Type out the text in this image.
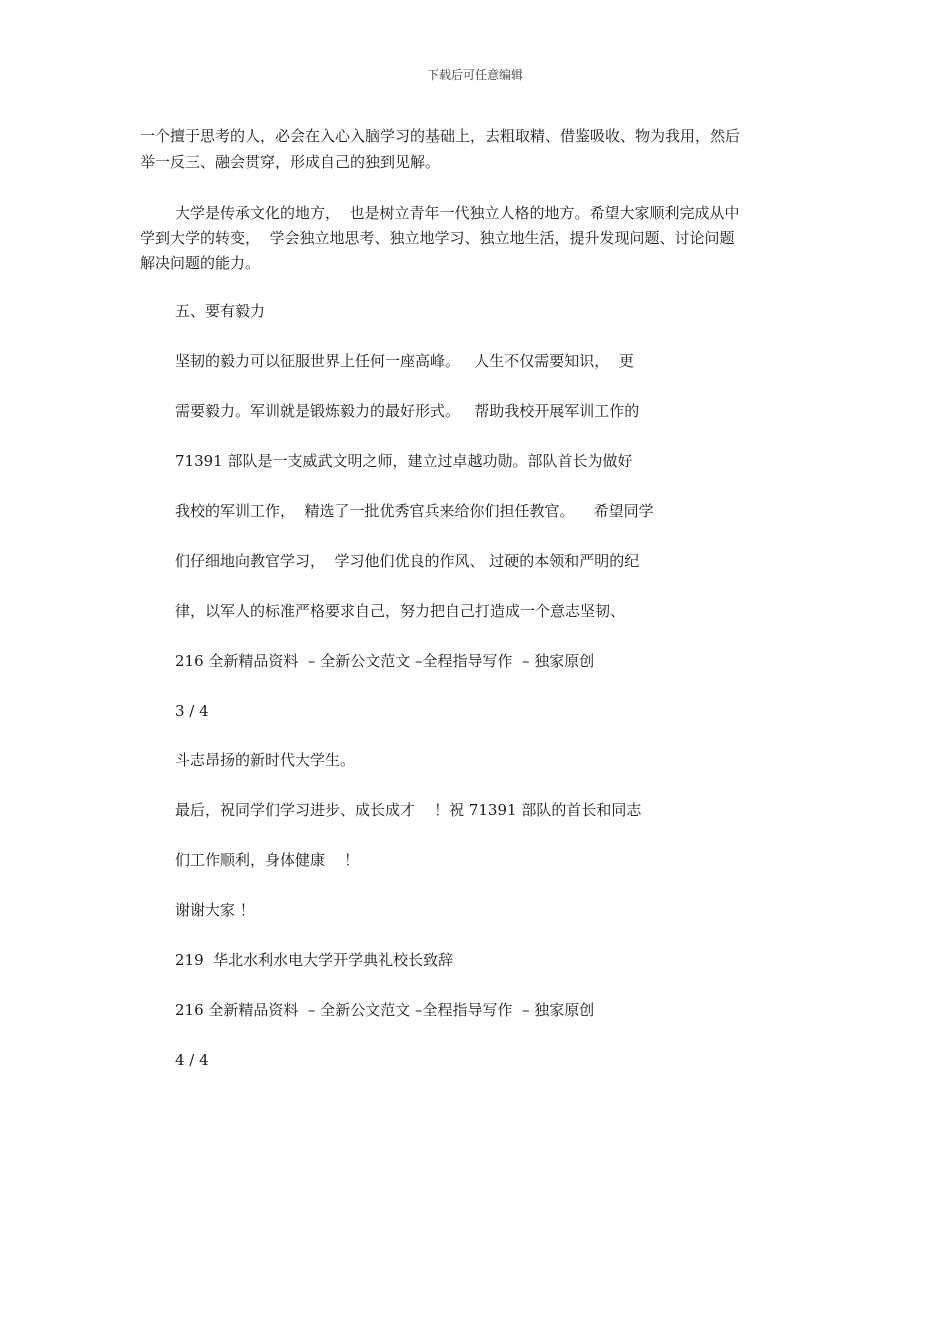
下载后可任意编辑
一个擅于思考的人，必会在入心入脑学习的基础上，去粗取精、借鉴吸收、物为我用，然后
举一反三、融会贯穿，形成自己的独到见解。
大学是传承文化的地方，  也是树立青年一代独立人格的地方。希望大家顺利完成从中
学到大学的转变，  学会独立地思考、独立地学习、独立地生活，提升发现问题、讨论问题
解决问题的能力。
五、要有毅力
坚韧的毅力可以征服世界上任何一座高峰。   人生不仅需要知识，  更
需要毅力。军训就是锻炼毅力的最好形式。   帮助我校开展军训工作的
71391 部队是一支威武文明之师，建立过卓越功勋。部队首长为做好
我校的军训工作，  精选了一批优秀官兵来给你们担任教官。    希望同学
们仔细地向教官学习，  学习他们优良的作风、 过硬的本领和严明的纪
律，以军人的标准严格要求自己，努力把自己打造成一个意志坚韧、
216 全新精品资料  – 全新公文范文 –全程指导写作  – 独家原创
3 / 4
斗志昂扬的新时代大学生。
最后，祝同学们学习进步、成长成才    ！祝 71391 部队的首长和同志
们工作顺利，身体健康    ！
谢谢大家 ！
219  华北水利水电大学开学典礼校长致辞
216 全新精品资料  – 全新公文范文 –全程指导写作  – 独家原创
4 / 4
